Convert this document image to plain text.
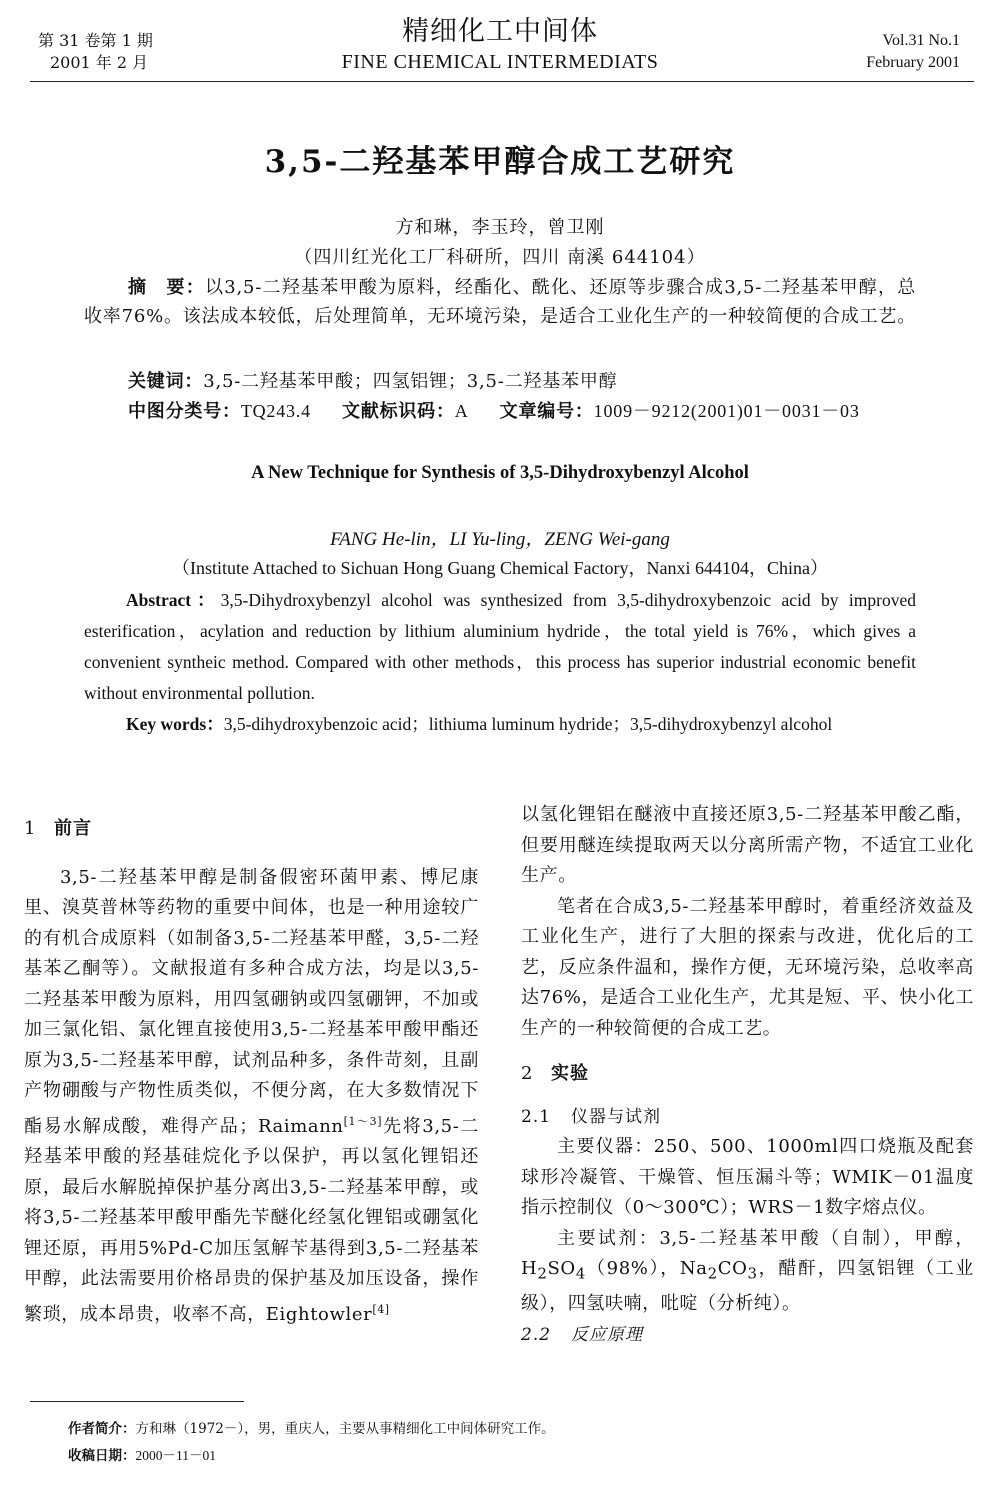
第 31 卷第 1 期
2001 年 2 月
精细化工中间体
FINE CHEMICAL INTERMEDIATS
Vol.31 No.1
February 2001
3,5-二羟基苯甲醇合成工艺研究
方和琳，李玉玲，曾卫刚
（四川红光化工厂科研所，四川 南溪 644104）
摘　要：以3,5-二羟基苯甲酸为原料，经酯化、酰化、还原等步骤合成3,5-二羟基苯甲醇，总收率76%。该法成本较低，后处理简单，无环境污染，是适合工业化生产的一种较简便的合成工艺。
关键词：3,5-二羟基苯甲酸；四氢铝锂；3,5-二羟基苯甲醇
中图分类号：TQ243.4 文献标识码：A 文章编号：1009－9212(2001)01－0031－03
A New Technique for Synthesis of 3,5-Dihydroxybenzyl Alcohol
FANG He-lin，LI Yu-ling，ZENG Wei-gang
（Institute Attached to Sichuan Hong Guang Chemical Factory，Nanxi 644104，China）
Abstract：3,5-Dihydroxybenzyl alcohol was synthesized from 3,5-dihydroxybenzoic acid by improved esterification，acylation and reduction by lithium aluminium hydride，the total yield is 76%，which gives a convenient syntheic method. Compared with other methods，this process has superior industrial economic benefit without environmental pollution.
Key words：3,5-dihydroxybenzoic acid；lithiuma luminum hydride；3,5-dihydroxybenzyl alcohol
1 前言

3,5-二羟基苯甲醇是制备假密环菌甲素、博尼康里、溴莫普林等药物的重要中间体，也是一种用途较广的有机合成原料（如制备3,5-二羟基苯甲醛，3,5-二羟基苯乙酮等）。文献报道有多种合成方法，均是以3,5-二羟基苯甲酸为原料，用四氢硼钠或四氢硼钾，不加或加三氯化铝、氯化锂直接使用3,5-二羟基苯甲酸甲酯还原为3,5-二羟基苯甲醇，试剂品种多，条件苛刻，且副产物硼酸与产物性质类似，不便分离，在大多数情况下酯易水解成酸，难得产品；Raimann[1～3]先将3,5-二羟基苯甲酸的羟基硅烷化予以保护，再以氢化锂铝还原，最后水解脱掉保护基分离出3,5-二羟基苯甲醇，或将3,5-二羟基苯甲酸甲酯先苄醚化经氢化锂铝或硼氢化锂还原，再用5%Pd-C加压氢解苄基得到3,5-二羟基苯甲醇，此法需要用价格昂贵的保护基及加压设备，操作繁琐，成本昂贵，收率不高，Eightowler[4]

以氢化锂铝在醚液中直接还原3,5-二羟基苯甲酸乙酯，但要用醚连续提取两天以分离所需产物，不适宜工业化生产。

笔者在合成3,5-二羟基苯甲醇时，着重经济效益及工业化生产，进行了大胆的探索与改进，优化后的工艺，反应条件温和，操作方便，无环境污染，总收率高达76%，是适合工业化生产，尤其是短、平、快小化工生产的一种较简便的合成工艺。

2 实验
2.1 仪器与试剂

主要仪器：250、500、1000ml四口烧瓶及配套球形冷凝管、干燥管、恒压漏斗等；WMIK－01温度指示控制仪（0～300℃）；WRS－1数字熔点仪。

主要试剂：3,5-二羟基苯甲酸（自制），甲醇，$H_2SO_4(98\%)$，$Na_2CO_3$，醋酐，四氢铝锂（工业级），四氢呋喃，吡啶（分析纯）。

2.2 反应原理
作者简介：方和琳（1972－），男，重庆人，主要从事精细化工中间体研究工作。
收稿日期：2000－11－01
